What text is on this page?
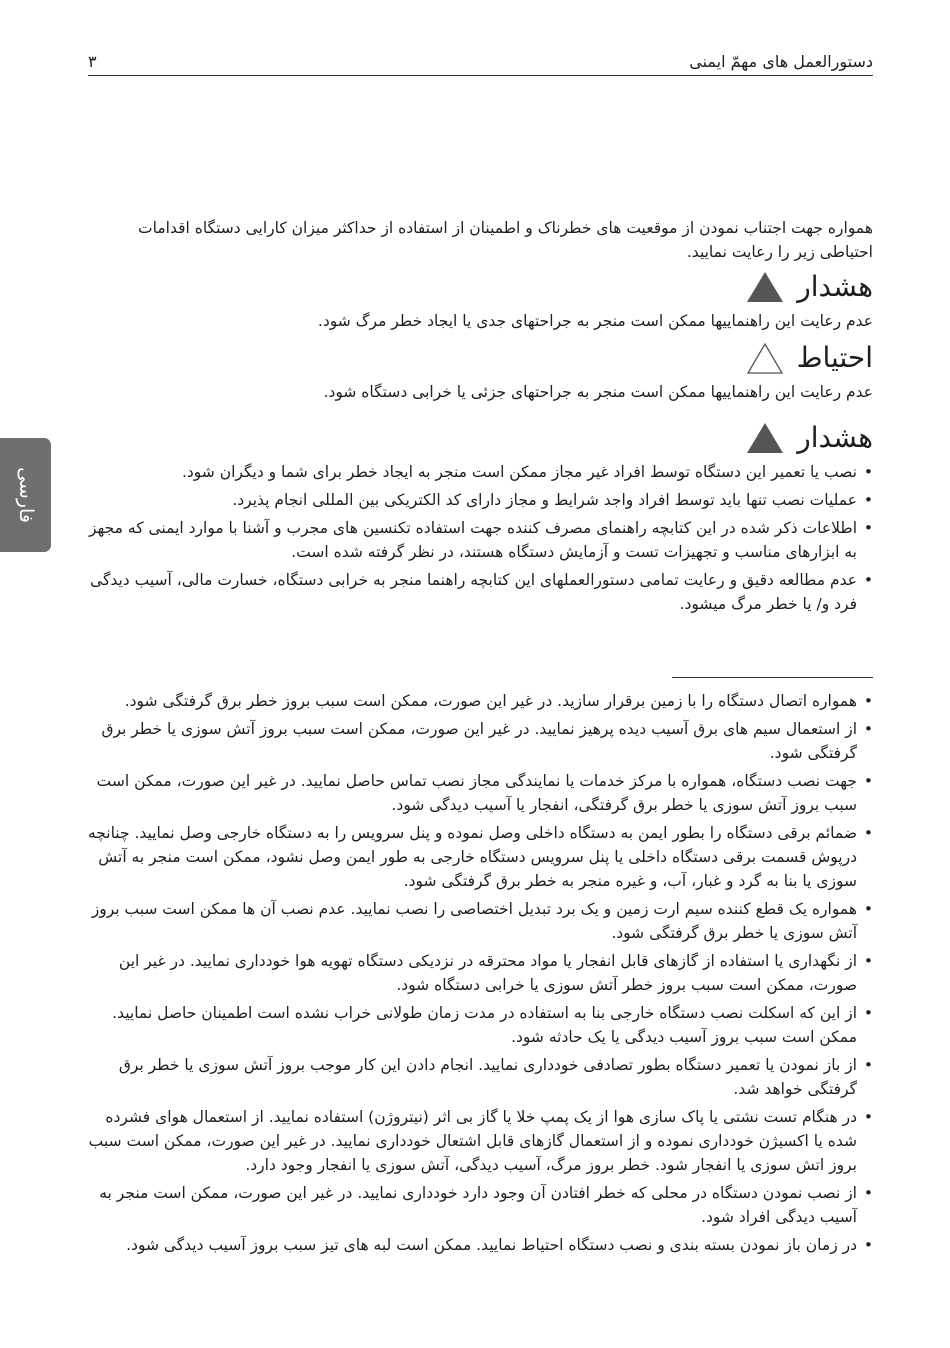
دستورالعمل های مهمّ ایمنی
۳
فارسی
همواره جهت اجتناب نمودن از موقعیت های خطرناک و اطمینان از استفاده از حداکثر میزان کارایی دستگاه اقدامات احتیاطی زیر را رعایت نمایید.
هشدار
عدم رعایت این راهنماییها ممکن است منجر به جراحتهای جدی یا ایجاد خطر مرگ شود.
احتیاط
عدم رعایت این راهنماییها ممکن است منجر به جراحتهای جزئی یا خرابی دستگاه شود.
هشدار
• نصب یا تعمیر این دستگاه توسط افراد غیر مجاز ممکن است منجر به ایجاد خطر برای شما و دیگران شود.
• عملیات نصب تنها باید توسط افراد واجد شرایط و مجاز دارای کد الکتریکی بین المللی انجام پذیرد.
• اطلاعات ذکر شده در این کتابچه راهنمای مصرف کننده جهت استفاده تکنسین های مجرب و آشنا با موارد ایمنی که مجهز به ابزارهای مناسب و تجهیزات تست و آزمایش دستگاه هستند، در نظر گرفته شده است.
• عدم مطالعه دقیق و رعایت تمامی دستورالعملهای این کتابچه راهنما منجر به خرابی دستگاه، خسارت مالی، آسیب دیدگی فرد و/ یا خطر مرگ میشود.
• همواره اتصال دستگاه را با زمین برقرار سازید. در غیر این صورت، ممکن است سبب بروز خطر برق گرفتگی شود.
• از استعمال سیم های برق آسیب دیده پرهیز نمایید. در غیر این صورت، ممکن است سبب بروز آتش سوزی یا خطر برق گرفتگی شود.
• جهت نصب دستگاه، همواره با مرکز خدمات یا نمایندگی مجاز نصب تماس حاصل نمایید. در غیر این صورت، ممکن است سبب بروز آتش سوزی یا خطر برق گرفتگی، انفجار یا آسیب دیدگی شود.
• ضمائم برقی دستگاه را بطور ایمن به دستگاه داخلی وصل نموده و پنل سرویس را به دستگاه خارجی وصل نمایید. چنانچه درپوش قسمت برقی دستگاه داخلی یا پنل سرویس دستگاه خارجی به طور ایمن وصل نشود، ممکن است منجر به آتش سوزی یا بنا به گرد و غبار، آب، و غیره منجر به خطر برق گرفتگی شود.
• همواره یک قطع کننده سیم ارت زمین و یک برد تبدیل اختصاصی را نصب نمایید. عدم نصب آن ها ممکن است سبب بروز آتش سوزی یا خطر برق گرفتگی شود.
• از نگهداری یا استفاده از گازهای قابل انفجار یا مواد محترقه در نزدیکی دستگاه تهویه هوا خودداری نمایید. در غیر این صورت، ممکن است سبب بروز خطر آتش سوزی یا خرابی دستگاه شود.
• از این که اسکلت نصب دستگاه خارجی بنا به استفاده در مدت زمان طولانی خراب نشده است اطمینان حاصل نمایید. ممکن است سبب بروز آسیب دیدگی یا یک حادثه شود.
• از باز نمودن یا تعمیر دستگاه بطور تصادفی خودداری نمایید. انجام دادن این کار موجب بروز آتش سوزی یا خطر برق گرفتگی خواهد شد.
• در هنگام تست نشتی یا پاک سازی هوا از یک پمپ خلا یا گاز بی اثر (نیتروژن) استفاده نمایید. از استعمال هوای فشرده شده یا اکسیژن خودداری نموده و از استعمال گازهای قابل اشتعال خودداری نمایید. در غیر این صورت، ممکن است سبب بروز اتش سوزی یا انفجار شود. خطر بروز مرگ، آسیب دیدگی، آتش سوزی یا انفجار وجود دارد.
• از نصب نمودن دستگاه در محلی که خطر افتادن آن وجود دارد خودداری نمایید. در غیر این صورت، ممکن است منجر به آسیب دیدگی افراد شود.
• در زمان باز نمودن بسته بندی و نصب دستگاه احتیاط نمایید. ممکن است لبه های تیز سبب بروز آسیب دیدگی شود.
